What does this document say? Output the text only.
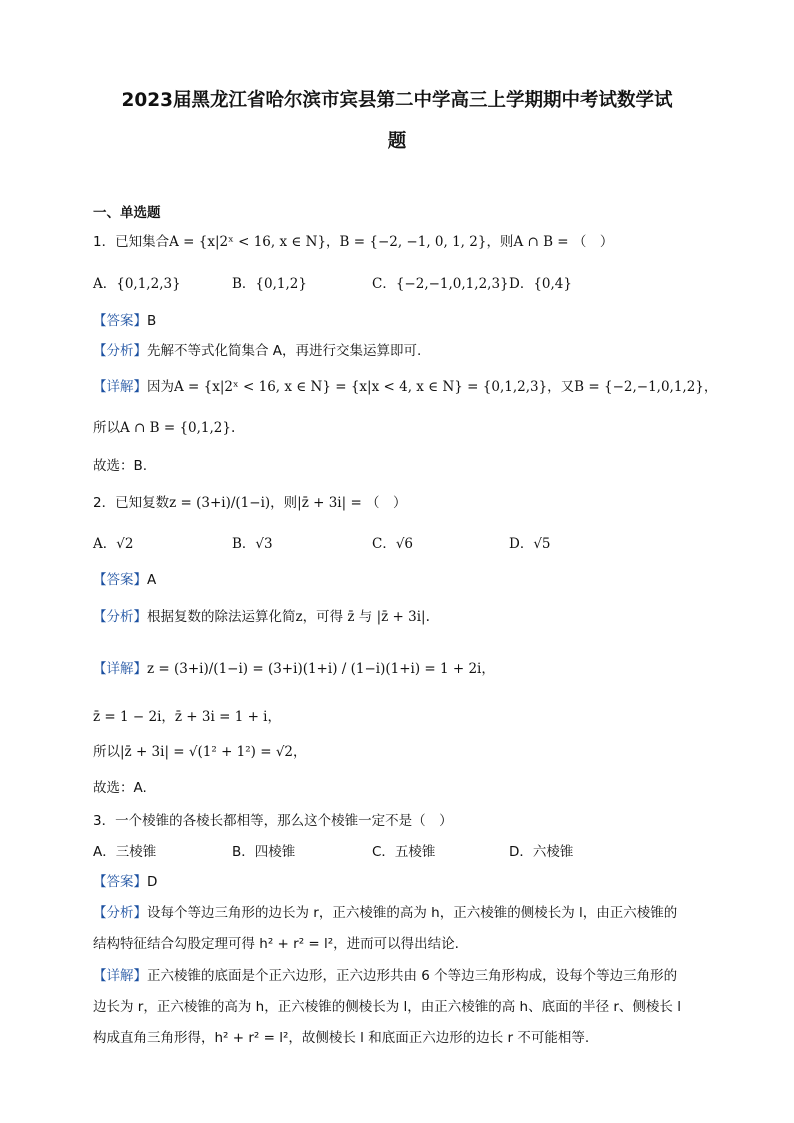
2023届黑龙江省哈尔滨市宾县第二中学高三上学期期中考试数学试
题
一、单选题
1．已知集合A = {x|2ˣ < 16, x ∈ N}，B = {−2, −1, 0, 1, 2}，则A ∩ B = （　）
A．{0,1,2,3}	B．{0,1,2}	C．{−2,−1,0,1,2,3} D．{0,4}
【答案】B
【分析】先解不等式化简集合 A，再进行交集运算即可.
【详解】因为A = {x|2ˣ < 16, x ∈ N} = {x|x < 4, x ∈ N} = {0,1,2,3}，又B = {−2,−1,0,1,2}，
所以A ∩ B = {0,1,2}.
故选：B.
2．已知复数z = (3+i)/(1−i)，则|z̄ + 3i| = （　）
A．√2	B．√3	C．√6	D．√5
【答案】A
【分析】根据复数的除法运算化简z，可得 z̄ 与 |z̄ + 3i|.
【详解】z = (3+i)/(1−i) = (3+i)(1+i) / (1−i)(1+i) = 1 + 2i，
z̄ = 1 − 2i，z̄ + 3i = 1 + i，
所以|z̄ + 3i| = √(1² + 1²) = √2，
故选：A.
3．一个棱锥的各棱长都相等，那么这个棱锥一定不是（　）
A．三棱锥	B．四棱锥	C．五棱锥	D．六棱锥
【答案】D
【分析】设每个等边三角形的边长为 r，正六棱锥的高为 h，正六棱锥的侧棱长为 l，由正六棱锥的
结构特征结合勾股定理可得 h² + r² = l²，进而可以得出结论.
【详解】正六棱锥的底面是个正六边形，正六边形共由 6 个等边三角形构成，设每个等边三角形的
边长为 r，正六棱锥的高为 h，正六棱锥的侧棱长为 l，由正六棱锥的高 h、底面的半径 r、侧棱长 l
构成直角三角形得，h² + r² = l²，故侧棱长 l 和底面正六边形的边长 r 不可能相等.
